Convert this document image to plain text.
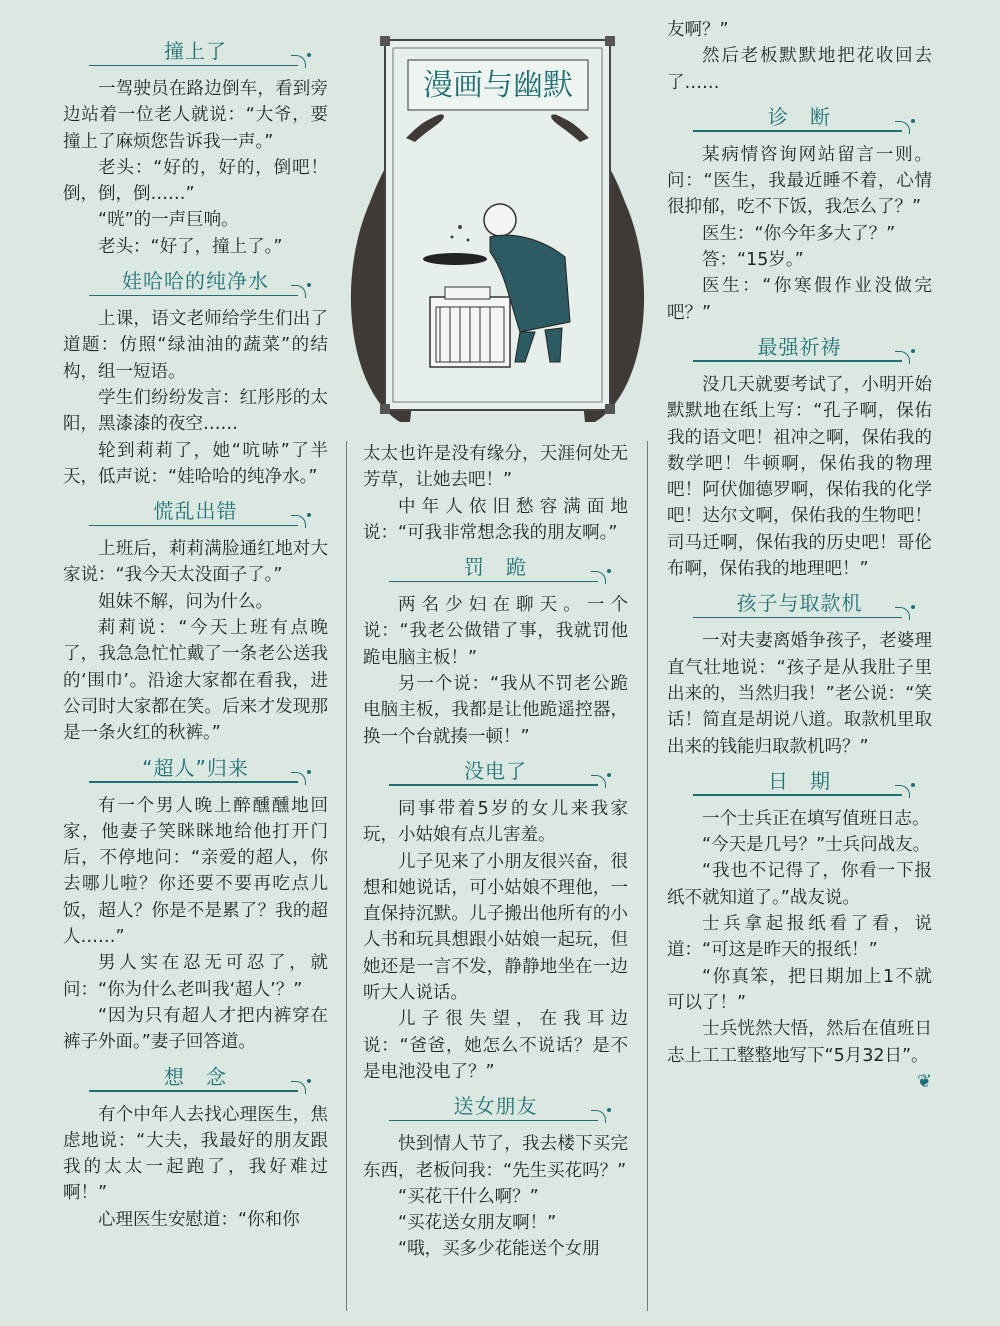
漫画与幽默
撞上了

一驾驶员在路边倒车，看到旁边站着一位老人就说：“大爷，要撞上了麻烦您告诉我一声。”

老头：“好的，好的，倒吧！倒，倒，倒……”

“咣”的一声巨响。

老头：“好了，撞上了。”

娃哈哈的纯净水

上课，语文老师给学生们出了道题：仿照“绿油油的蔬菜”的结构，组一短语。

学生们纷纷发言：红彤彤的太阳，黑漆漆的夜空……

轮到莉莉了，她“吭哧”了半天，低声说：“娃哈哈的纯净水。”

慌乱出错

上班后，莉莉满脸通红地对大家说：“我今天太没面子了。”

姐妹不解，问为什么。

莉莉说：“今天上班有点晚了，我急急忙忙戴了一条老公送我的‘围巾’。沿途大家都在看我，进公司时大家都在笑。后来才发现那是一条火红的秋裤。”

“超人”归来

有一个男人晚上醉醺醺地回家，他妻子笑眯眯地给他打开门后，不停地问：“亲爱的超人，你去哪儿啦？你还要不要再吃点儿饭，超人？你是不是累了？我的超人……”

男人实在忍无可忍了，就问：“你为什么老叫我‘超人’？”

“因为只有超人才把内裤穿在裤子外面。”妻子回答道。

想　念

有个中年人去找心理医生，焦虑地说：“大夫，我最好的朋友跟我的太太一起跑了，我好难过啊！”

心理医生安慰道：“你和你

太太也许是没有缘分，天涯何处无芳草，让她去吧！”

中年人依旧愁容满面地说：“可我非常想念我的朋友啊。”

罚　跪

两名少妇在聊天。一个说：“我老公做错了事，我就罚他跪电脑主板！”

另一个说：“我从不罚老公跪电脑主板，我都是让他跪遥控器，换一个台就揍一顿！”

没电了

同事带着5岁的女儿来我家玩，小姑娘有点儿害羞。

儿子见来了小朋友很兴奋，很想和她说话，可小姑娘不理他，一直保持沉默。儿子搬出他所有的小人书和玩具想跟小姑娘一起玩，但她还是一言不发，静静地坐在一边听大人说话。

儿子很失望，在我耳边说：“爸爸，她怎么不说话？是不是电池没电了？”

送女朋友

快到情人节了，我去楼下买完东西，老板问我：“先生买花吗？”

“买花干什么啊？”

“买花送女朋友啊！”

“哦，买多少花能送个女朋

友啊？”

然后老板默默地把花收回去了……

诊　断

某病情咨询网站留言一则。问：“医生，我最近睡不着，心情很抑郁，吃不下饭，我怎么了？”

医生：“你今年多大了？”

答：“15岁。”

医生：“你寒假作业没做完吧？”

最强祈祷

没几天就要考试了，小明开始默默地在纸上写：“孔子啊，保佑我的语文吧！祖冲之啊，保佑我的数学吧！牛顿啊，保佑我的物理吧！阿伏伽德罗啊，保佑我的化学吧！达尔文啊，保佑我的生物吧！司马迁啊，保佑我的历史吧！哥伦布啊，保佑我的地理吧！”

孩子与取款机

一对夫妻离婚争孩子，老婆理直气壮地说：“孩子是从我肚子里出来的，当然归我！”老公说：“笑话！简直是胡说八道。取款机里取出来的钱能归取款机吗？”

日　期

一个士兵正在填写值班日志。

“今天是几号？”士兵问战友。

“我也不记得了，你看一下报纸不就知道了。”战友说。

士兵拿起报纸看了看，说道：“可这是昨天的报纸！”

“你真笨，把日期加上1不就可以了！”

士兵恍然大悟，然后在值班日志上工工整整地写下“5月32日”。
❦
